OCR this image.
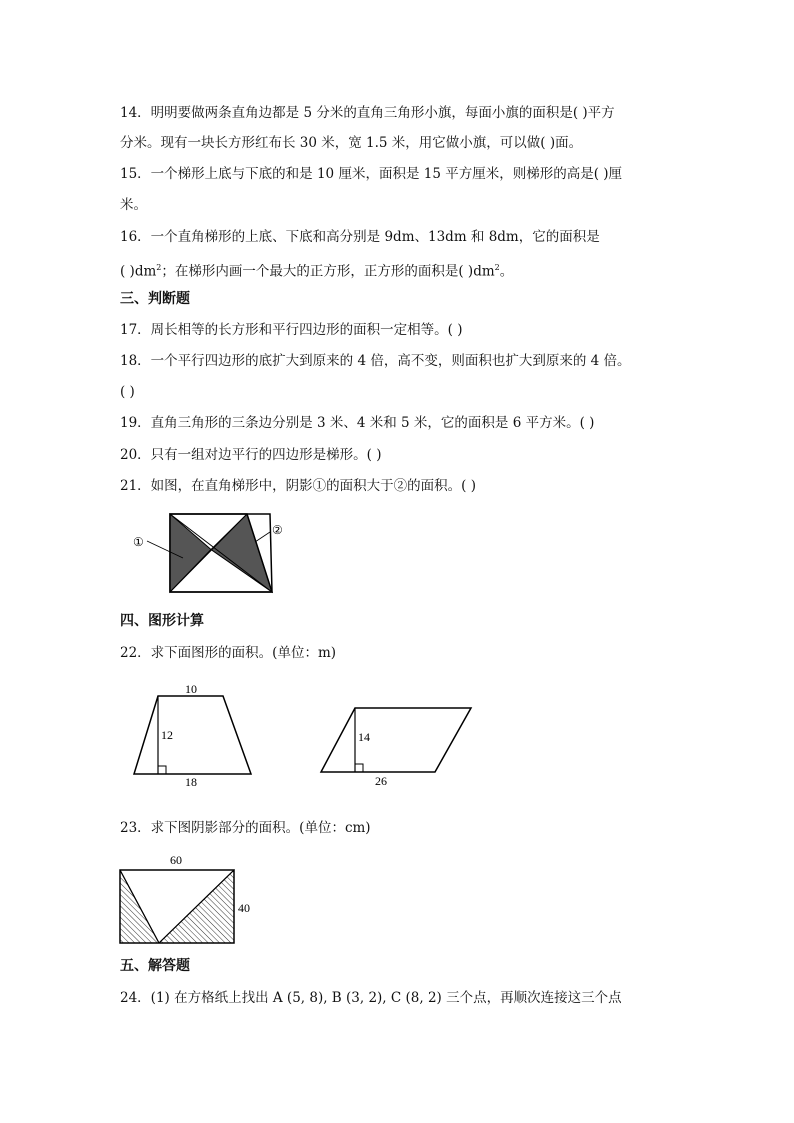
14．明明要做两条直角边都是 5 分米的直角三角形小旗，每面小旗的面积是( )平方
分米。现有一块长方形红布长 30 米，宽 1.5 米，用它做小旗，可以做( )面。
15．一个梯形上底与下底的和是 10 厘米，面积是 15 平方厘米，则梯形的高是( )厘
米。
16．一个直角梯形的上底、下底和高分别是 9dm、13dm 和 8dm，它的面积是
( )$dm^2$；在梯形内画一个最大的正方形，正方形的面积是( )$dm^2$。
三、判断题
17．周长相等的长方形和平行四边形的面积一定相等。( )
18．一个平行四边形的底扩大到原来的 4 倍，高不变，则面积也扩大到原来的 4 倍。
( )
19．直角三角形的三条边分别是 3 米、4 米和 5 米，它的面积是 6 平方米。( )
20．只有一组对边平行的四边形是梯形。( )
21．如图，在直角梯形中，阴影①的面积大于②的面积。( )
①
②
四、图形计算
22．求下面图形的面积。(单位：m)
10
12
18
14
26
23．求下图阴影部分的面积。(单位：cm)
60
40
五、解答题
24．(1) 在方格纸上找出 A (5, 8), B (3, 2), C (8, 2) 三个点，再顺次连接这三个点
